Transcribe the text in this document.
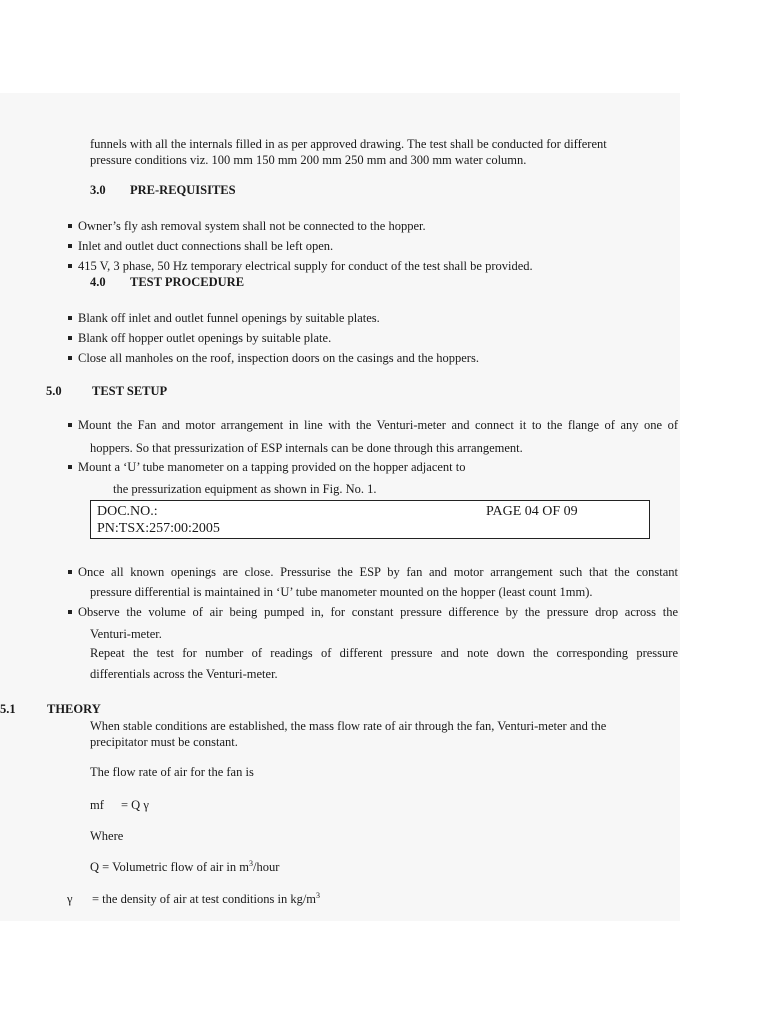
funnels with all the internals filled in as per approved drawing. The test shall be conducted for different
pressure conditions viz. 100 mm 150 mm 200 mm 250 mm and 300 mm water column.
3.0 PRE-REQUISITES
Owner’s fly ash removal system shall not be connected to the hopper.
Inlet and outlet duct connections shall be left open.
415 V, 3 phase, 50 Hz temporary electrical supply for conduct of the test shall be provided.
4.0 TEST PROCEDURE
Blank off inlet and outlet funnel openings by suitable plates.
Blank off hopper outlet openings by suitable plate.
Close all manholes on the roof, inspection doors on the casings and the hoppers.
5.0 TEST SETUP
Mount the Fan and motor arrangement in line with the Venturi-meter and connect it to the flange of any one of
hoppers. So that pressurization of ESP internals can be done through this arrangement.
Mount a ‘U’ tube manometer on a tapping provided on the hopper adjacent to
the pressurization equipment as shown in Fig. No. 1.
DOC.NO.:	PAGE 04 OF 09
PN:TSX:257:00:2005
Once all known openings are close. Pressurise the ESP by fan and motor arrangement such that the constant
pressure differential is maintained in ‘U’ tube manometer mounted on the hopper (least count 1mm).
Observe the volume of air being pumped in, for constant pressure difference by the pressure drop across the
Venturi-meter.
Repeat the test for number of readings of different pressure and note down the corresponding pressure
differentials across the Venturi-meter.
5.1	THEORY
When stable conditions are established, the mass flow rate of air through the fan, Venturi-meter and the
precipitator must be constant.
The flow rate of air for the fan is
mf = Q γ
Where
Q = Volumetric flow of air in $m^3$/hour
γ = the density of air at test conditions in $kg/m^3$
